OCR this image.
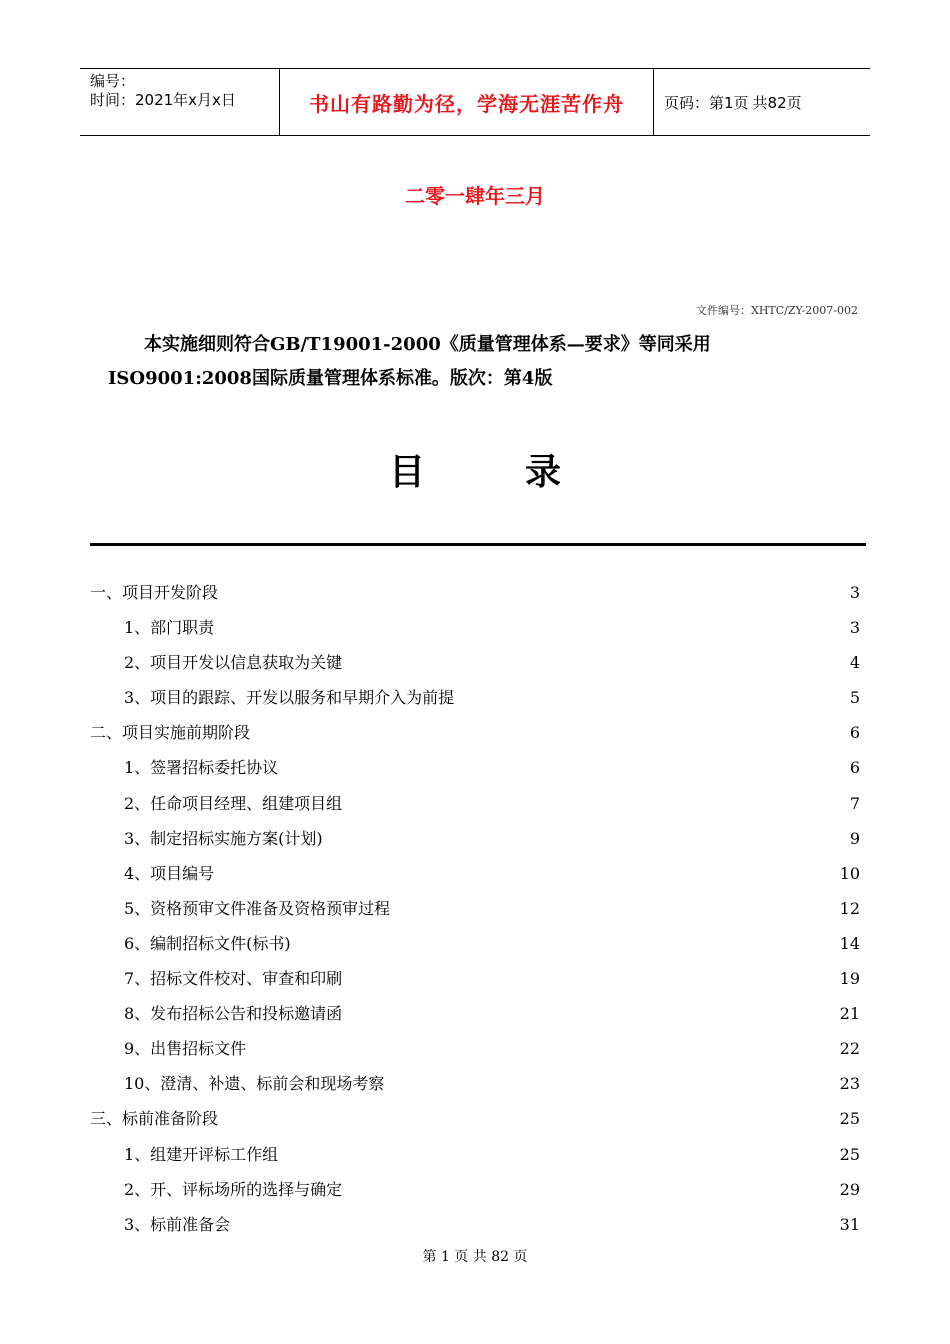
编号：
时间：2021年x月x日	书山有路勤为径，学海无涯苦作舟	页码：第1页 共82页
二零一肆年三月
文件编号：XHTC/ZY-2007-002

本实施细则符合GB/T19001-2000《质量管理体系—要求》等同采用 ISO9001:2008国际质量管理体系标准。版次：第4版

目	录
一、项目开发阶段	3
1、部门职责	3
2、项目开发以信息获取为关键	4
3、项目的跟踪、开发以服务和早期介入为前提	5
二、项目实施前期阶段	6
1、签署招标委托协议	6
2、任命项目经理、组建项目组	7
3、制定招标实施方案(计划)	9
4、项目编号	10
5、资格预审文件准备及资格预审过程	12
6、编制招标文件(标书)	14
7、招标文件校对、审查和印刷	19
8、发布招标公告和投标邀请函	21
9、出售招标文件	22
10、澄清、补遗、标前会和现场考察	23
三、标前准备阶段	25
1、组建开评标工作组	25
2、开、评标场所的选择与确定	29
3、标前准备会	31
第 1 页 共 82 页
